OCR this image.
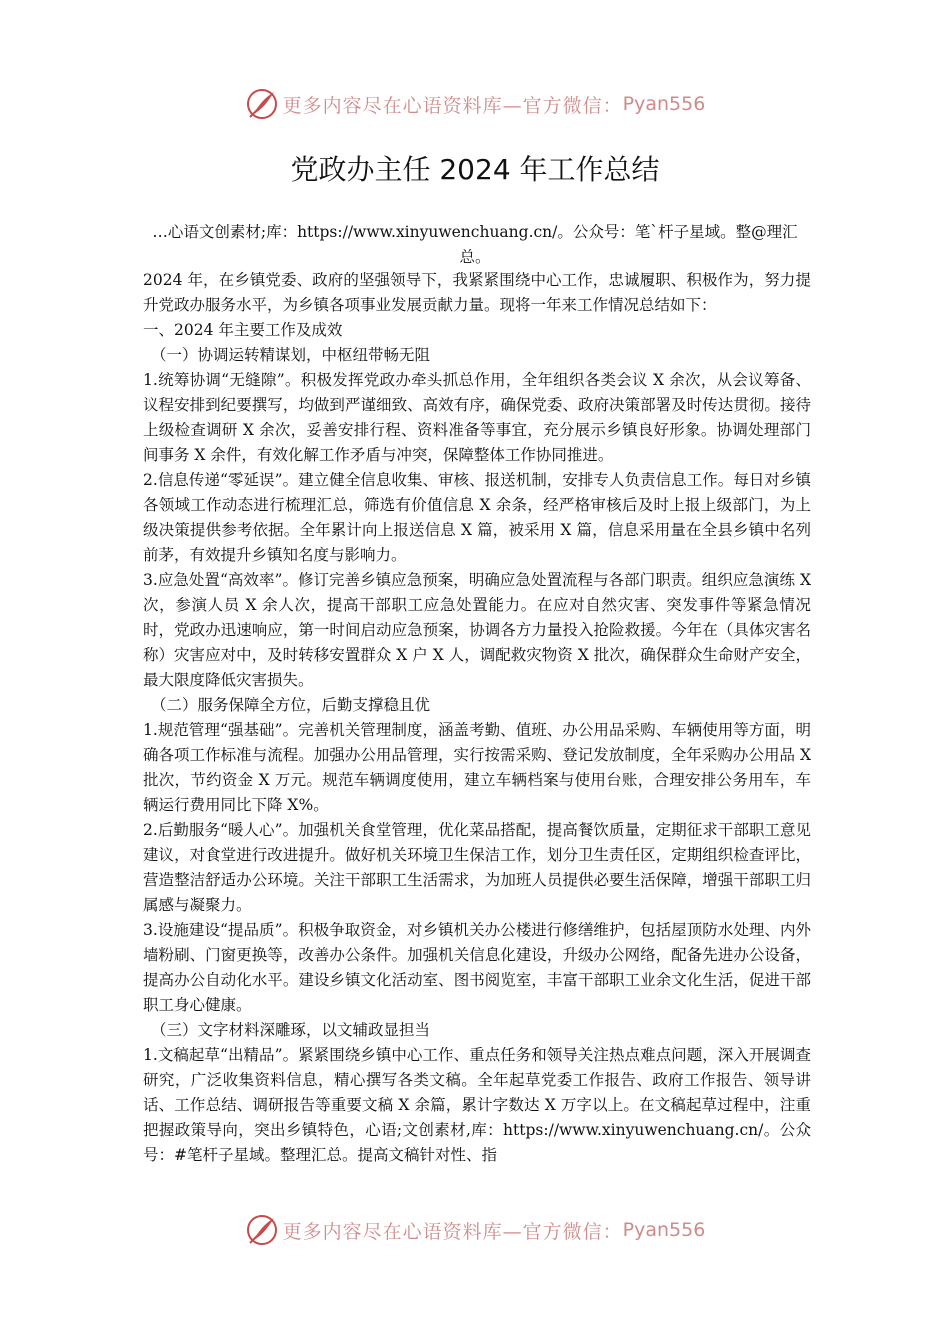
更多内容尽在心语资料库—官方微信： Pyan556
党政办主任 2024 年工作总结

…心语文创素材;库：https://www.xinyuwenchuang.cn/。公众号：笔`杆子星域。整@理汇总。

2024 年，在乡镇党委、政府的坚强领导下，我紧紧围绕中心工作，忠诚履职、积极作为，努力提升党政办服务水平，为乡镇各项事业发展贡献力量。现将一年来工作情况总结如下：

一、2024 年主要工作及成效

（一）协调运转精谋划，中枢纽带畅无阻

1.统筹协调“无缝隙”。积极发挥党政办牵头抓总作用，全年组织各类会议 X 余次，从会议筹备、议程安排到纪要撰写，均做到严谨细致、高效有序，确保党委、政府决策部署及时传达贯彻。接待上级检查调研 X 余次，妥善安排行程、资料准备等事宜，充分展示乡镇良好形象。协调处理部门间事务 X 余件，有效化解工作矛盾与冲突，保障整体工作协同推进。

2.信息传递“零延误”。建立健全信息收集、审核、报送机制，安排专人负责信息工作。每日对乡镇各领域工作动态进行梳理汇总，筛选有价值信息 X 余条，经严格审核后及时上报上级部门，为上级决策提供参考依据。全年累计向上报送信息 X 篇，被采用 X 篇，信息采用量在全县乡镇中名列前茅，有效提升乡镇知名度与影响力。

3.应急处置“高效率”。修订完善乡镇应急预案，明确应急处置流程与各部门职责。组织应急演练 X 次，参演人员 X 余人次，提高干部职工应急处置能力。在应对自然灾害、突发事件等紧急情况时，党政办迅速响应，第一时间启动应急预案，协调各方力量投入抢险救援。今年在（具体灾害名称）灾害应对中，及时转移安置群众 X 户 X 人，调配救灾物资 X 批次，确保群众生命财产安全，最大限度降低灾害损失。

（二）服务保障全方位，后勤支撑稳且优

1.规范管理“强基础”。完善机关管理制度，涵盖考勤、值班、办公用品采购、车辆使用等方面，明确各项工作标准与流程。加强办公用品管理，实行按需采购、登记发放制度，全年采购办公用品 X 批次，节约资金 X 万元。规范车辆调度使用，建立车辆档案与使用台账，合理安排公务用车，车辆运行费用同比下降 X%。

2.后勤服务“暖人心”。加强机关食堂管理，优化菜品搭配，提高餐饮质量，定期征求干部职工意见建议，对食堂进行改进提升。做好机关环境卫生保洁工作，划分卫生责任区，定期组织检查评比，营造整洁舒适办公环境。关注干部职工生活需求，为加班人员提供必要生活保障，增强干部职工归属感与凝聚力。

3.设施建设“提品质”。积极争取资金，对乡镇机关办公楼进行修缮维护，包括屋顶防水处理、内外墙粉刷、门窗更换等，改善办公条件。加强机关信息化建设，升级办公网络，配备先进办公设备，提高办公自动化水平。建设乡镇文化活动室、图书阅览室，丰富干部职工业余文化生活，促进干部职工身心健康。

（三）文字材料深雕琢，以文辅政显担当

1.文稿起草“出精品”。紧紧围绕乡镇中心工作、重点任务和领导关注热点难点问题，深入开展调查研究，广泛收集资料信息，精心撰写各类文稿。全年起草党委工作报告、政府工作报告、领导讲话、工作总结、调研报告等重要文稿 X 余篇，累计字数达 X 万字以上。在文稿起草过程中，注重把握政策导向，突出乡镇特色，心语;文创素材,库：https://www.xinyuwenchuang.cn/。公众号：#笔杆子星域。整理汇总。提高文稿针对性、指

更多内容尽在心语资料库—官方微信： Pyan556
